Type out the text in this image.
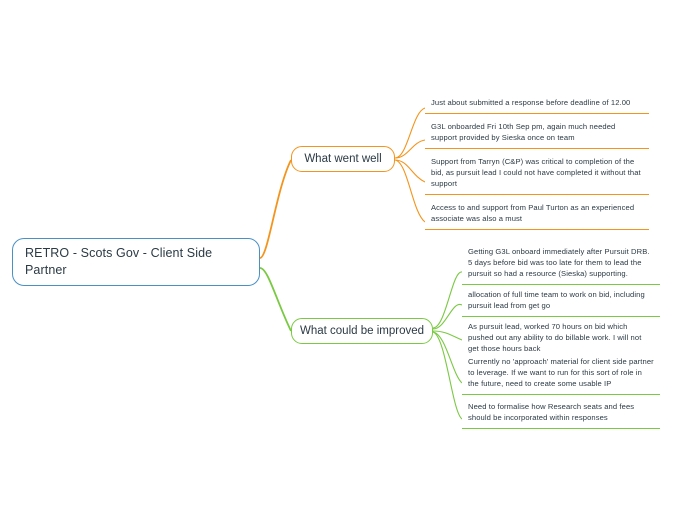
RETRO - Scots Gov - Client Side Partner
What went well
What could be improved
Just about submitted a response before deadline of 12.00
G3L onboarded Fri 10th Sep pm, again much needed support provided by Sieska once on team
Support from Tarryn (C&P) was critical to completion of the bid, as pursuit lead I could not have completed it without that support
Access to and support from Paul Turton as an experienced associate was also a must
Getting G3L onboard immediately after Pursuit DRB. 5 days before bid was too late for them to lead the pursuit so had a resource (Sieska) supporting.
allocation of full time team to work on bid, including pursuit lead from get go
As pursuit lead, worked 70 hours on bid which pushed out any ability to do billable work. I will not get those hours back
Currently no 'approach' material for client side partner to leverage. If we want to run for this sort of role in the future, need to create some usable IP
Need to formalise how Research seats and fees should be incorporated within responses
